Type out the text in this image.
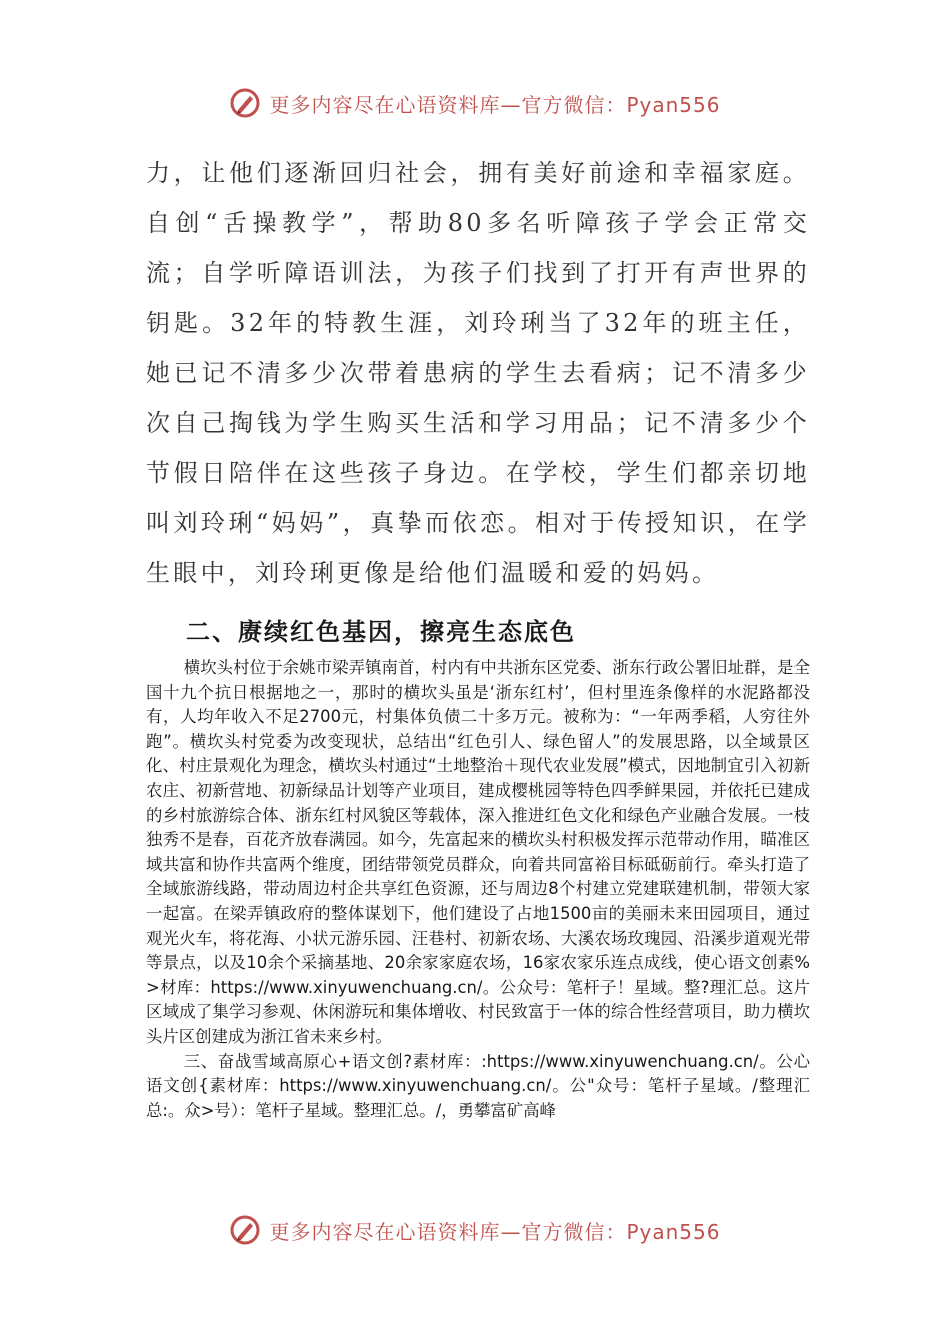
更多内容尽在心语资料库—官方微信：Pyan556

力，让他们逐渐回归社会，拥有美好前途和幸福家庭。自创“舌操教学”，帮助80多名听障孩子学会正常交流；自学听障语训法，为孩子们找到了打开有声世界的钥匙。32年的特教生涯，刘玲琍当了32年的班主任，她已记不清多少次带着患病的学生去看病；记不清多少次自己掏钱为学生购买生活和学习用品；记不清多少个节假日陪伴在这些孩子身边。在学校，学生们都亲切地叫刘玲琍“妈妈”，真挚而依恋。相对于传授知识，在学生眼中，刘玲琍更像是给他们温暖和爱的妈妈。

二、赓续红色基因，擦亮生态底色

横坎头村位于余姚市梁弄镇南首，村内有中共浙东区党委、浙东行政公署旧址群，是全国十九个抗日根据地之一，那时的横坎头虽是‘浙东红村’，但村里连条像样的水泥路都没有，人均年收入不足2700元，村集体负债二十多万元。被称为：“一年两季稻，人穷往外跑”。横坎头村党委为改变现状，总结出“红色引人、绿色留人”的发展思路，以全域景区化、村庄景观化为理念，横坎头村通过“土地整治＋现代农业发展”模式，因地制宜引入初新农庄、初新营地、初新绿品计划等产业项目，建成樱桃园等特色四季鲜果园，并依托已建成的乡村旅游综合体、浙东红村风貌区等载体，深入推进红色文化和绿色产业融合发展。一枝独秀不是春，百花齐放春满园。如今，先富起来的横坎头村积极发挥示范带动作用，瞄准区域共富和协作共富两个维度，团结带领党员群众，向着共同富裕目标砥砺前行。牵头打造了全域旅游线路，带动周边村企共享红色资源，还与周边8个村建立党建联建机制，带领大家一起富。在梁弄镇政府的整体谋划下，他们建设了占地1500亩的美丽未来田园项目，通过观光火车，将花海、小状元游乐园、汪巷村、初新农场、大溪农场玫瑰园、沿溪步道观光带等景点，以及10余个采摘基地、20余家家庭农场，16家农家乐连点成线，使心语文创素%>材库：https://www.xinyuwenchuang.cn/。公众号：笔杆子！星域。整?理汇总。这片区域成了集学习参观、休闲游玩和集体增收、村民致富于一体的综合性经营项目，助力横坎头片区创建成为浙江省未来乡村。

三、奋战雪域高原心+语文创?素材库：:https://www.xinyuwenchuang.cn/。公心语文创{素材库：https://www.xinyuwenchuang.cn/。公"众号：笔杆子星域。/整理汇总:。众>号）：笔杆子星域。整理汇总。/，勇攀富矿高峰

更多内容尽在心语资料库—官方微信：Pyan556
